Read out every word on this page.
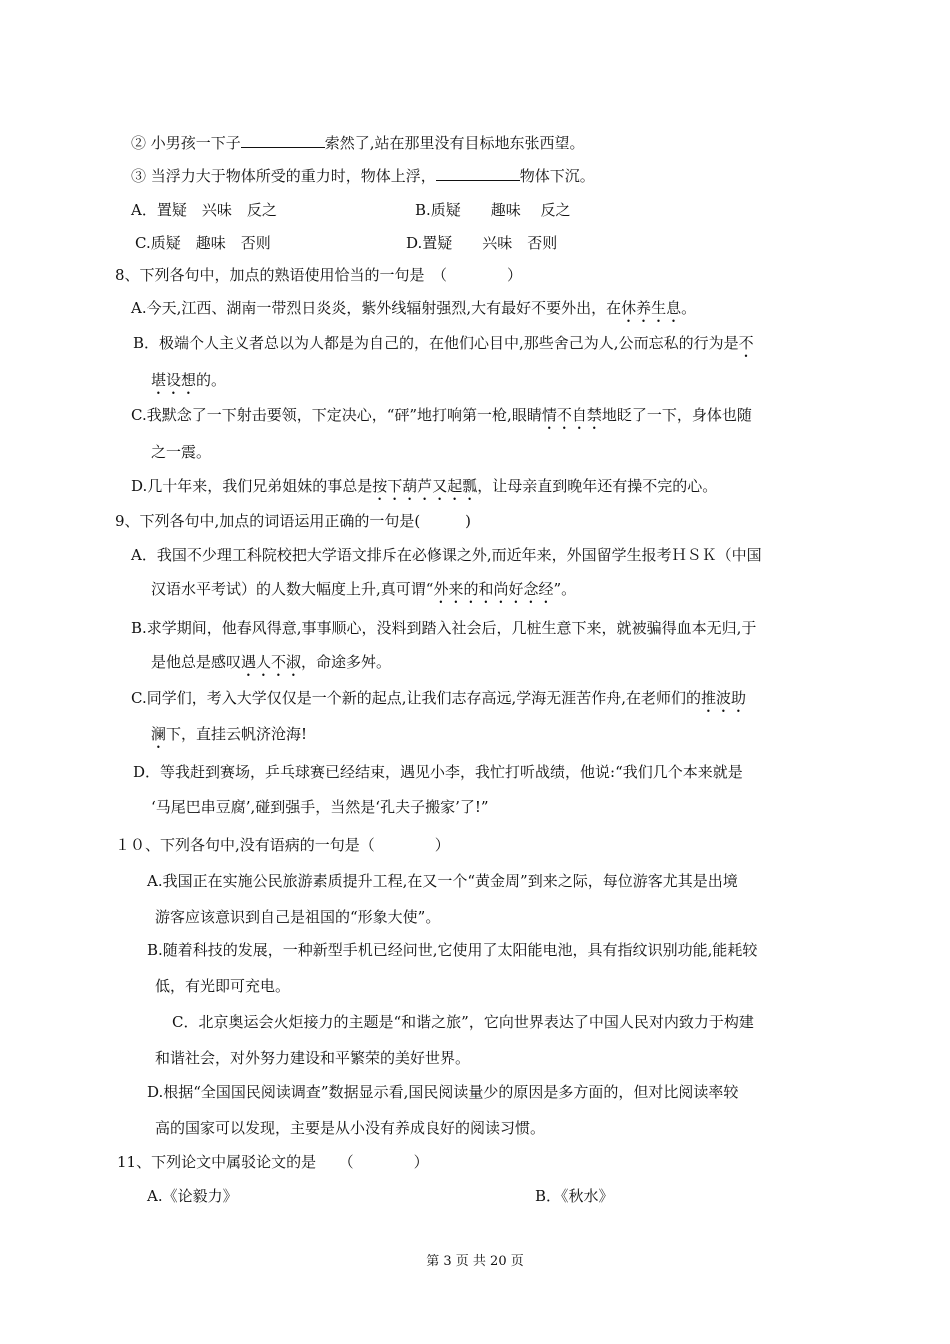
② 小男孩一下子	索然了,站在那里没有目标地东张西望。
③ 当浮力大于物体所受的重力时，物体上浮，	物体下沉。
A．置疑　兴味　反之	B.质疑　　趣味　 反之
C.质疑　趣味　否则	D.置疑　　兴味　否则
8、下列各句中，加点的熟语使用恰当的一句是　（　　　　）
A.今天,江西、湖南一带烈日炎炎，紫外线辐射强烈,大有最好不要外出，在休养生息。
B．极端个人主义者总以为人都是为自己的，在他们心目中,那些舍己为人,公而忘私的行为是不
堪设想的。
C.我默念了一下射击要领，下定决心，“砰”地打响第一枪,眼睛情不自禁地眨了一下，身体也随
之一震。
D.几十年来，我们兄弟姐妹的事总是按下葫芦又起瓢，让母亲直到晚年还有操不完的心。
9、下列各句中,加点的词语运用正确的一句是(　　　)
A．我国不少理工科院校把大学语文排斥在必修课之外,而近年来，外国留学生报考ＨＳＫ（中国
汉语水平考试）的人数大幅度上升,真可谓“外来的和尚好念经”。
B.求学期间，他春风得意,事事顺心，没料到踏入社会后，几桩生意下来，就被骗得血本无归,于
是他总是感叹遇人不淑，命途多舛。
C.同学们，考入大学仅仅是一个新的起点,让我们志存高远,学海无涯苦作舟,在老师们的推波助
澜下，直挂云帆济沧海!
D．等我赶到赛场，乒乓球赛已经结束，遇见小李，我忙打听战绩，他说:“我们几个本来就是
‘马尾巴串豆腐’,碰到强手，当然是‘孔夫子搬家’了!”
１０、下列各句中,没有语病的一句是（　　　　）
A.我国正在实施公民旅游素质提升工程,在又一个“黄金周”到来之际，每位游客尤其是出境
游客应该意识到自己是祖国的“形象大使”。
B.随着科技的发展，一种新型手机已经问世,它使用了太阳能电池，具有指纹识别功能,能耗较
低，有光即可充电。
C．北京奥运会火炬接力的主题是“和谐之旅”，它向世界表达了中国人民对内致力于构建
和谐社会，对外努力建设和平繁荣的美好世界。
D.根据“全国国民阅读调查”数据显示看,国民阅读量少的原因是多方面的，但对比阅读率较
高的国家可以发现，主要是从小没有养成良好的阅读习惯。
11、下列论文中属驳论文的是　　（　　　　）
A.《论毅力》	B．《秋水》
第 3 页 共 20 页
